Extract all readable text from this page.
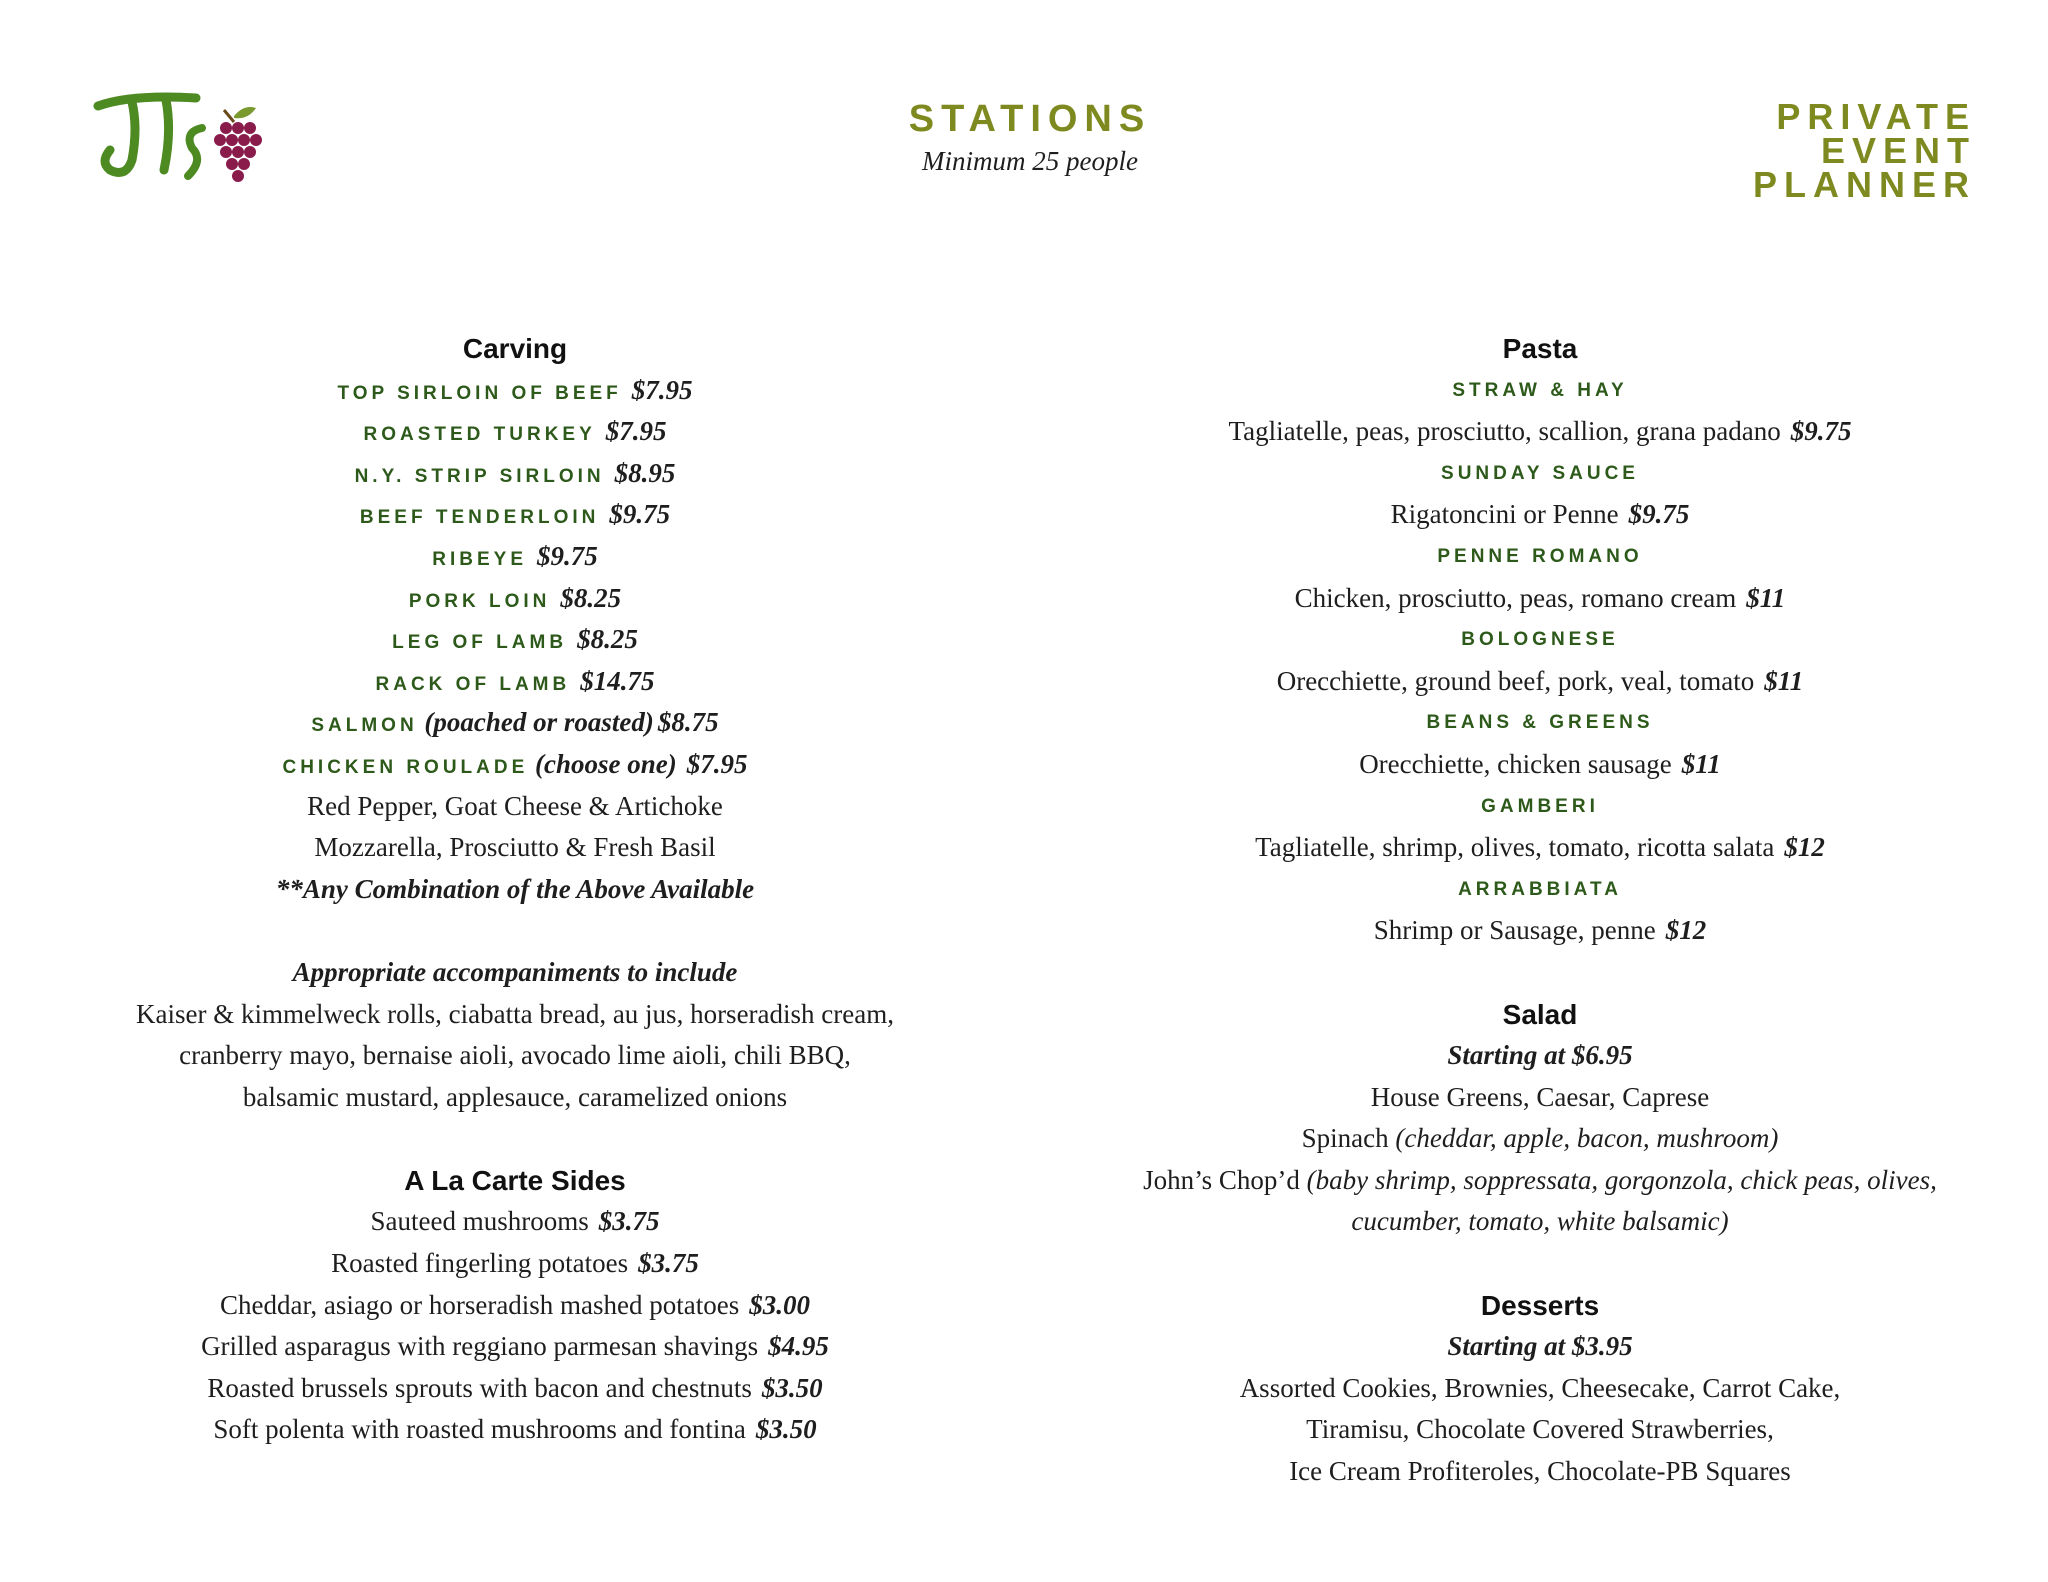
STATIONS
Minimum 25 people
PRIVATE
EVENT
PLANNER
Carving
TOP SIRLOIN OF BEEF $7.95
ROASTED TURKEY $7.95
N.Y. STRIP SIRLOIN $8.95
BEEF TENDERLOIN $9.75
RIBEYE $9.75
PORK LOIN $8.25
LEG OF LAMB $8.25
RACK OF LAMB $14.75
SALMON (poached or roasted) $8.75
CHICKEN ROULADE (choose one) $7.95
Red Pepper, Goat Cheese & Artichoke
Mozzarella, Prosciutto & Fresh Basil
**Any Combination of the Above Available
Appropriate accompaniments to include
Kaiser & kimmelweck rolls, ciabatta bread, au jus, horseradish cream,
cranberry mayo, bernaise aioli, avocado lime aioli, chili BBQ,
balsamic mustard, applesauce, caramelized onions
A La Carte Sides
Sauteed mushrooms $3.75
Roasted fingerling potatoes $3.75
Cheddar, asiago or horseradish mashed potatoes $3.00
Grilled asparagus with reggiano parmesan shavings $4.95
Roasted brussels sprouts with bacon and chestnuts $3.50
Soft polenta with roasted mushrooms and fontina $3.50
Pasta
STRAW & HAY
Tagliatelle, peas, prosciutto, scallion, grana padano $9.75
SUNDAY SAUCE
Rigatoncini or Penne $9.75
PENNE ROMANO
Chicken, prosciutto, peas, romano cream $11
BOLOGNESE
Orecchiette, ground beef, pork, veal, tomato $11
BEANS & GREENS
Orecchiette, chicken sausage $11
GAMBERI
Tagliatelle, shrimp, olives, tomato, ricotta salata $12
ARRABBIATA
Shrimp or Sausage, penne $12
Salad
Starting at $6.95
House Greens, Caesar, Caprese
Spinach (cheddar, apple, bacon, mushroom)
John’s Chop’d (baby shrimp, soppressata, gorgonzola, chick peas, olives,
cucumber, tomato, white balsamic)
Desserts
Starting at $3.95
Assorted Cookies, Brownies, Cheesecake, Carrot Cake,
Tiramisu, Chocolate Covered Strawberries,
Ice Cream Profiteroles, Chocolate-PB Squares
